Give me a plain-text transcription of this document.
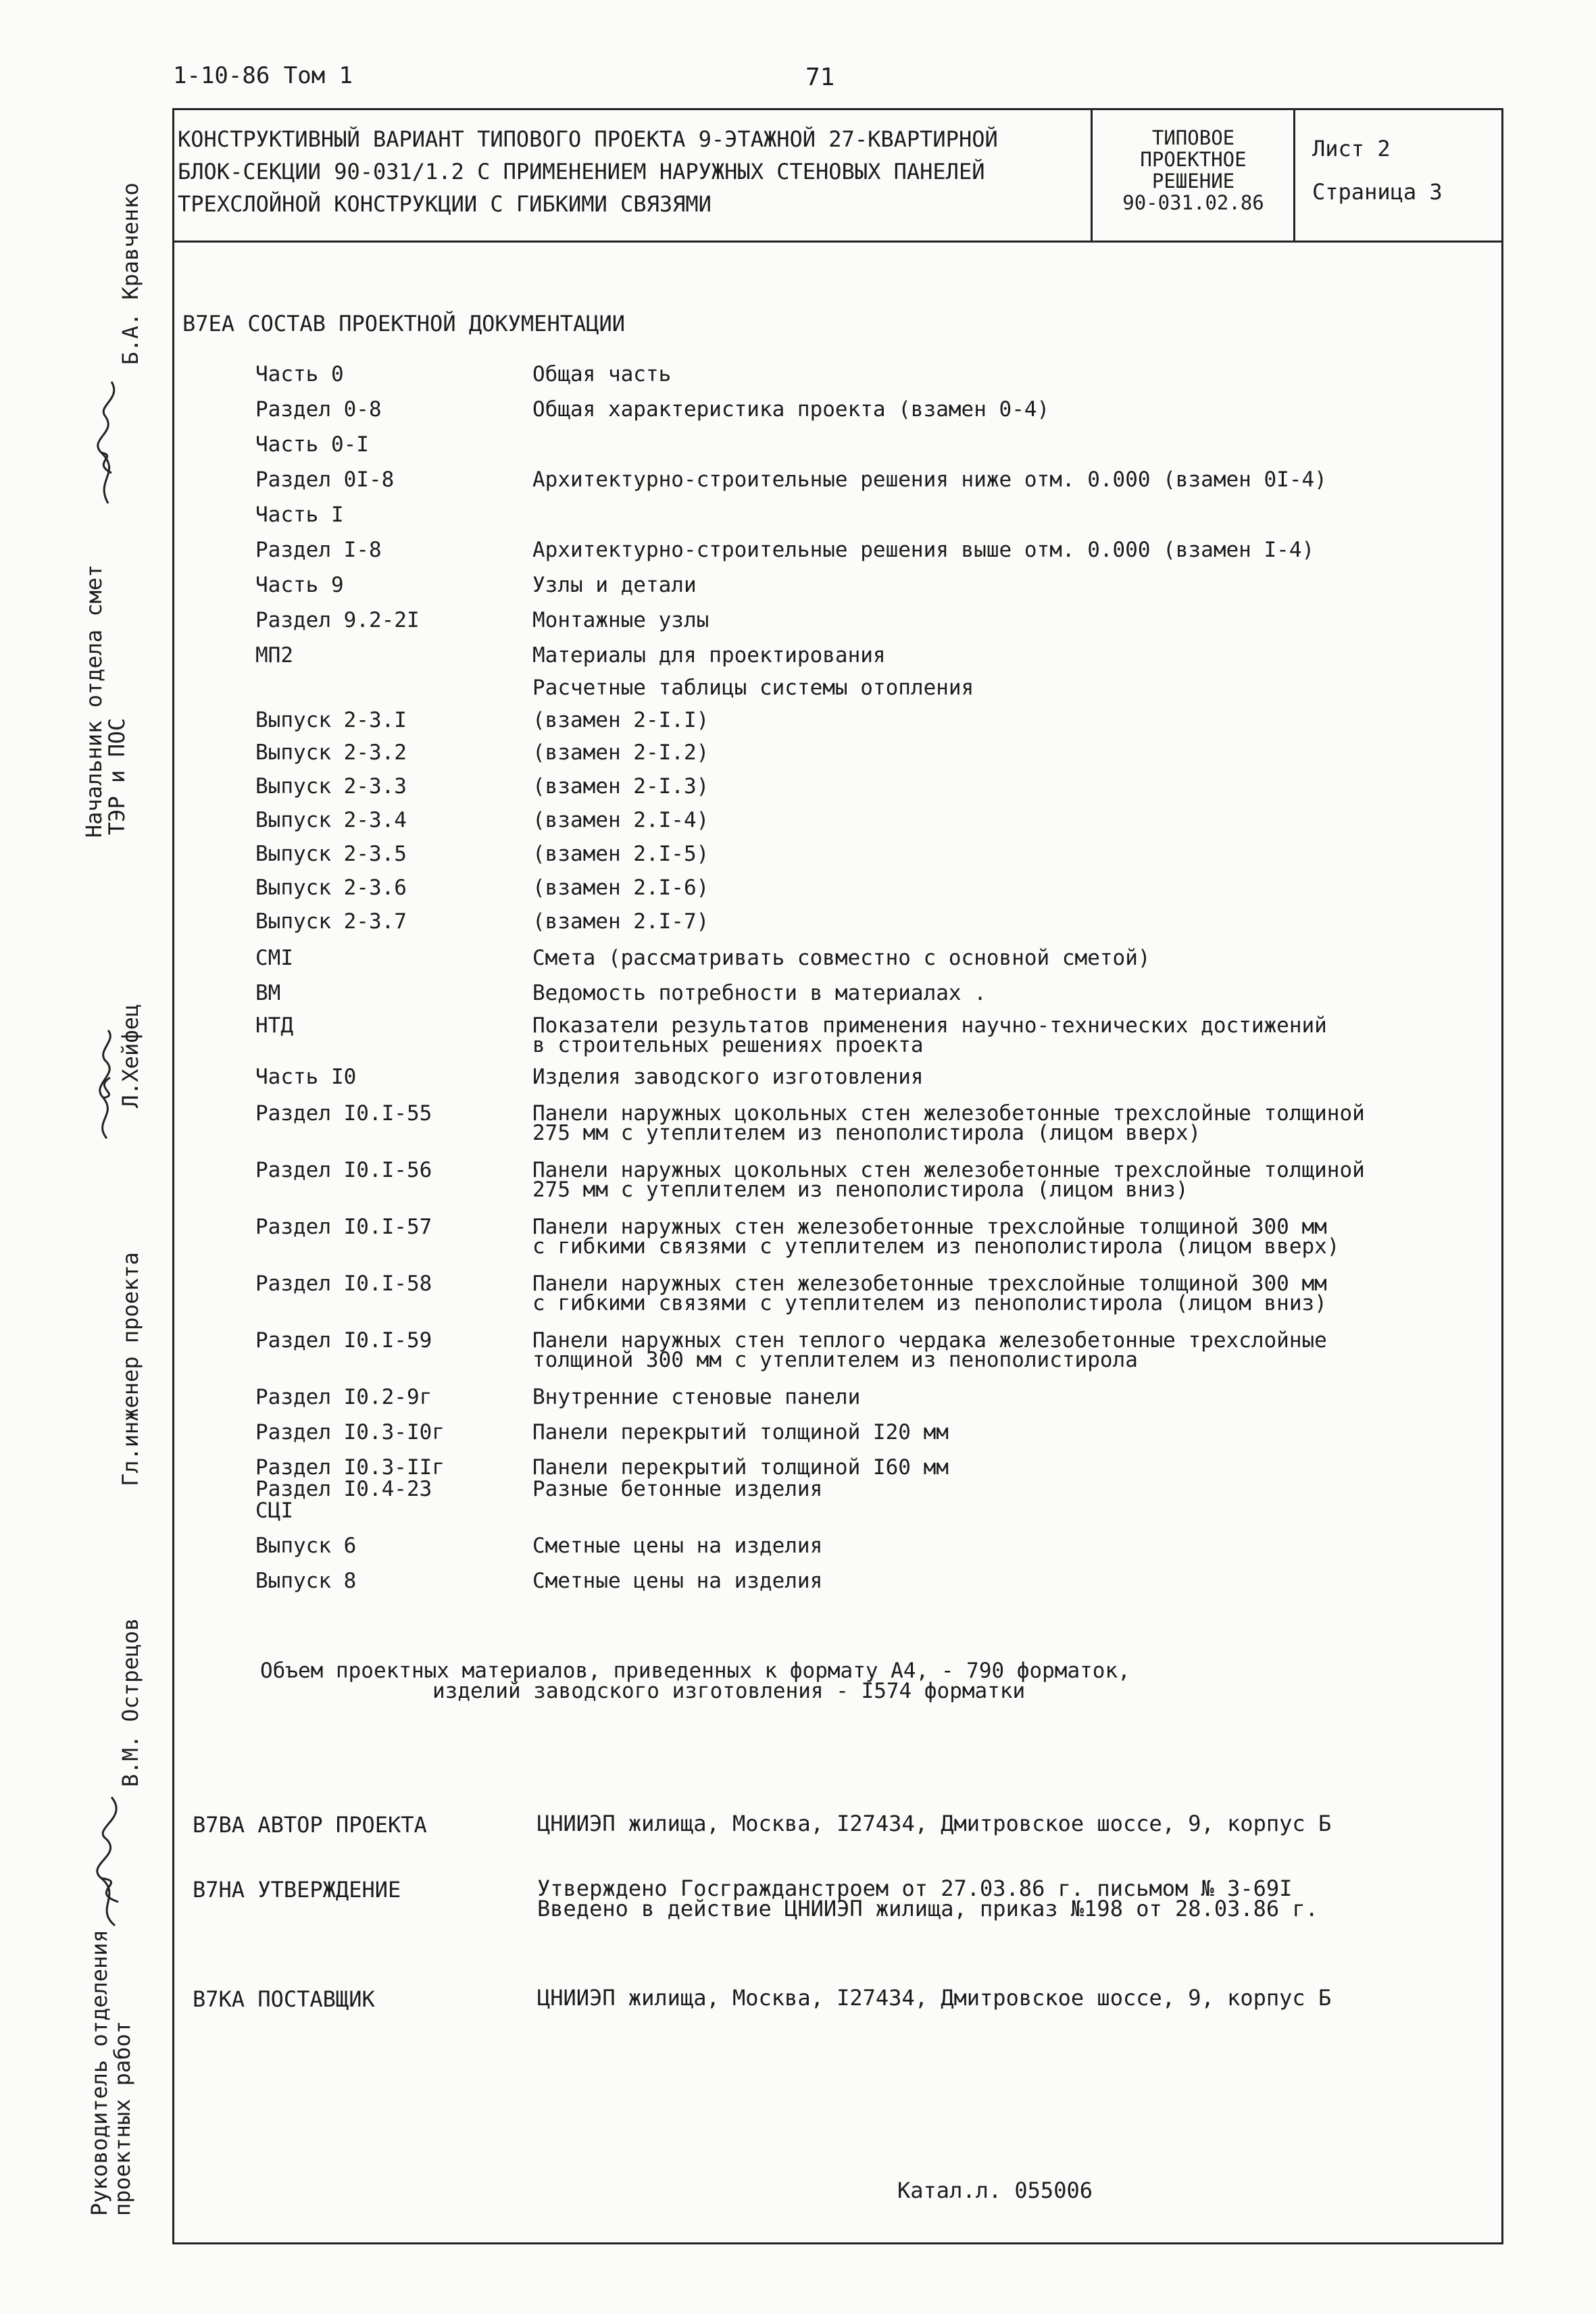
1-10-86 Том 1	71
КОНСТРУКТИВНЫЙ ВАРИАНТ ТИПОВОГО ПРОЕКТА 9-ЭТАЖНОЙ 27-КВАРТИРНОЙ
БЛОК-СЕКЦИИ 90-031/1.2 С ПРИМЕНЕНИЕМ НАРУЖНЫХ СТЕНОВЫХ ПАНЕЛЕЙ
ТРЕХСЛОЙНОЙ КОНСТРУКЦИИ С ГИБКИМИ СВЯЗЯМИ
ТИПОВОЕ
ПРОЕКТНОЕ
РЕШЕНИЕ
90-031.02.86
Лист 2
Страница 3
В7ЕА СОСТАВ ПРОЕКТНОЙ ДОКУМЕНТАЦИИ
Часть 0	Общая часть
Раздел 0-8	Общая характеристика проекта (взамен 0-4)
Часть 0-I
Раздел 0I-8	Архитектурно-строительные решения ниже отм. 0.000 (взамен 0I-4)
Часть I
Раздел I-8	Архитектурно-строительные решения выше отм. 0.000 (взамен I-4)
Часть 9	Узлы и детали
Раздел 9.2-2I	Монтажные узлы
МП2	Материалы для проектирования
Расчетные таблицы системы отопления
Выпуск 2-3.I	(взамен 2-I.I)
Выпуск 2-3.2	(взамен 2-I.2)
Выпуск 2-3.3	(взамен 2-I.3)
Выпуск 2-3.4	(взамен 2.I-4)
Выпуск 2-3.5	(взамен 2.I-5)
Выпуск 2-3.6	(взамен 2.I-6)
Выпуск 2-3.7	(взамен 2.I-7)
СМI	Смета (рассматривать совместно с основной сметой)
ВМ	Ведомость потребности в материалах .
НТД	Показатели результатов применения научно-технических достижений
в строительных решениях проекта
Часть I0	Изделия заводского изготовления
Раздел I0.I-55	Панели наружных цокольных стен железобетонные трехслойные толщиной
275 мм с утеплителем из пенополистирола (лицом вверх)
Раздел I0.I-56	Панели наружных цокольных стен железобетонные трехслойные толщиной
275 мм с утеплителем из пенополистирола (лицом вниз)
Раздел I0.I-57	Панели наружных стен железобетонные трехслойные толщиной 300 мм
с гибкими связями с утеплителем из пенополистирола (лицом вверх)
Раздел I0.I-58	Панели наружных стен железобетонные трехслойные толщиной 300 мм
с гибкими связями с утеплителем из пенополистирола (лицом вниз)
Раздел I0.I-59	Панели наружных стен теплого чердака железобетонные трехслойные
толщиной 300 мм с утеплителем из пенополистирола
Раздел I0.2-9г	Внутренние стеновые панели
Раздел I0.3-I0г	Панели перекрытий толщиной I20 мм
Раздел I0.3-IIг	Панели перекрытий толщиной I60 мм
Раздел I0.4-23	Разные бетонные изделия
СЦI
Выпуск 6	Сметные цены на изделия
Выпуск 8	Сметные цены на изделия
Объем проектных материалов, приведенных к формату А4, - 790 форматок,
изделий заводского изготовления - I574 форматки
В7ВА АВТОР ПРОЕКТА	ЦНИИЭП жилища, Москва, I27434, Дмитровское шоссе, 9, корпус Б
В7НА УТВЕРЖДЕНИЕ	Утверждено Госгражданстроем от 27.03.86 г. письмом № 3-69I
Введено в действие ЦНИИЭП жилища, приказ №198 от 28.03.86 г.
В7КА ПОСТАВЩИК	ЦНИИЭП жилища, Москва, I27434, Дмитровское шоссе, 9, корпус Б
Катал.л. 055006
Б.А. Кравченко
Начальник отдела смет
ТЭР и ПОС
Л.Хейфец
Гл.инженер проекта
В.М. Острецов
Руководитель отделения
проектных работ
